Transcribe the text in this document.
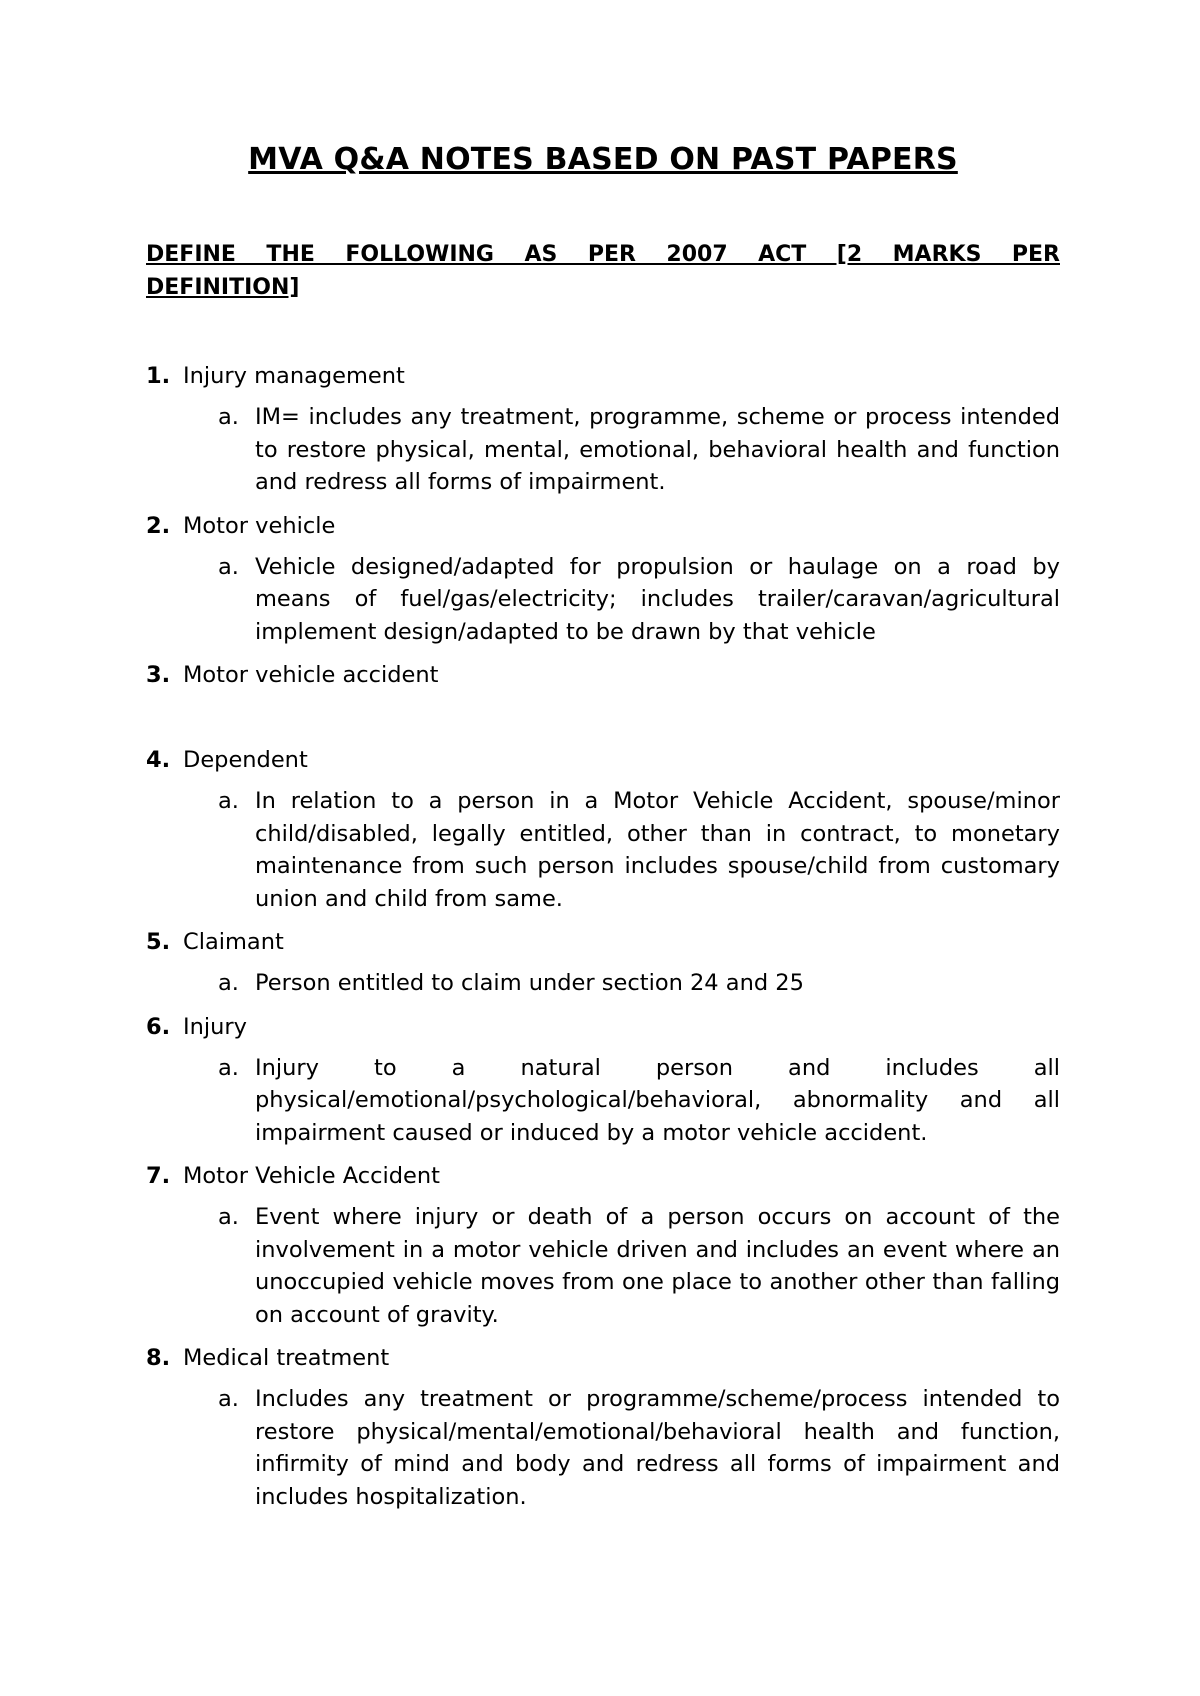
MVA Q&A NOTES BASED ON PAST PAPERS
DEFINE THE FOLLOWING AS PER 2007 ACT [2 MARKS PER DEFINITION]
1. Injury management
a. IM= includes any treatment, programme, scheme or process intended to restore physical, mental, emotional, behavioral health and function and redress all forms of impairment.
2. Motor vehicle
a. Vehicle designed/adapted for propulsion or haulage on a road by means of fuel/gas/electricity; includes trailer/caravan/agricultural implement design/adapted to be drawn by that vehicle
3. Motor vehicle accident
4. Dependent
a. In relation to a person in a Motor Vehicle Accident, spouse/minor child/disabled, legally entitled, other than in contract, to monetary maintenance from such person includes spouse/child from customary union and child from same.
5. Claimant
a. Person entitled to claim under section 24 and 25
6. Injury
a. Injury to a natural person and includes all physical/emotional/psychological/behavioral, abnormality and all impairment caused or induced by a motor vehicle accident.
7. Motor Vehicle Accident
a. Event where injury or death of a person occurs on account of the involvement in a motor vehicle driven and includes an event where an unoccupied vehicle moves from one place to another other than falling on account of gravity.
8. Medical treatment
a. Includes any treatment or programme/scheme/process intended to restore physical/mental/emotional/behavioral health and function, infirmity of mind and body and redress all forms of impairment and includes hospitalization.
